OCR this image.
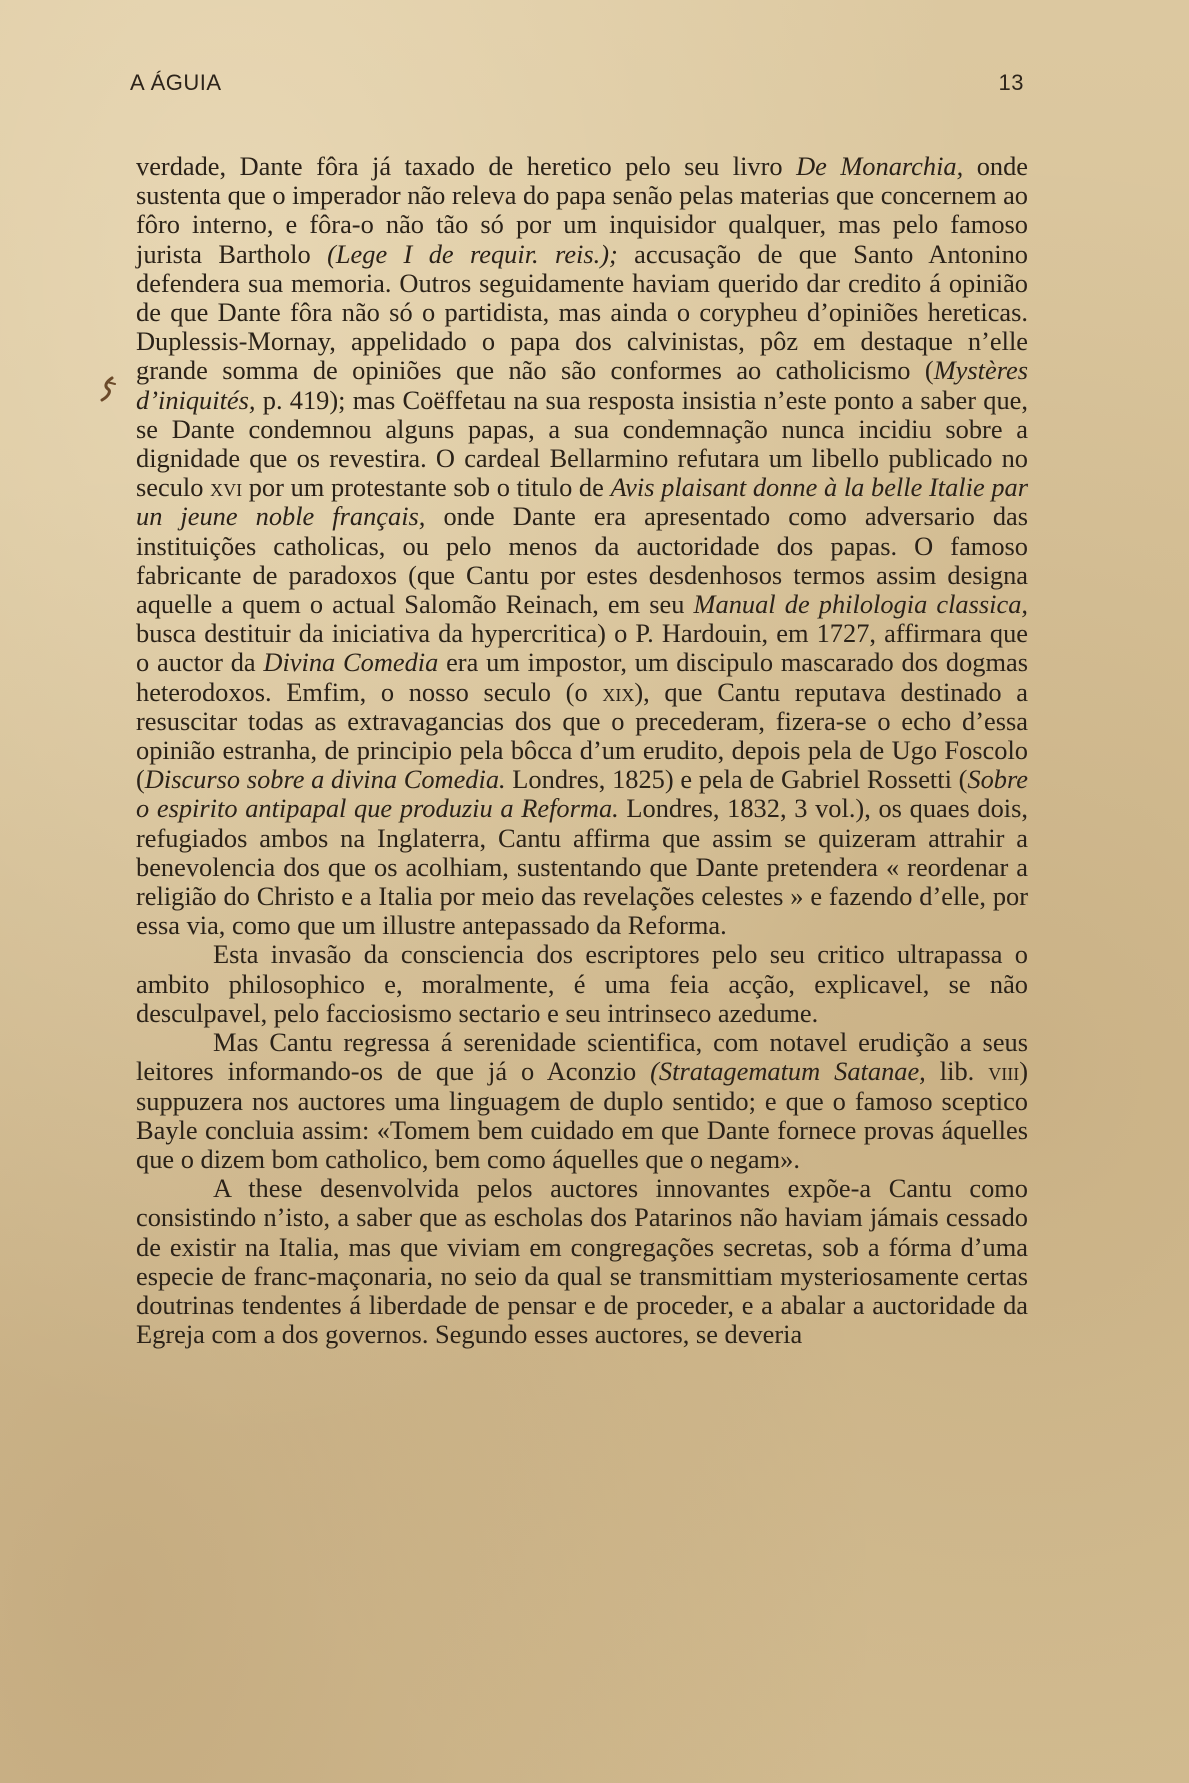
A ÁGUIA	13

verdade, Dante fôra já taxado de heretico pelo seu livro De Monarchia, onde sustenta que o imperador não releva do papa senão pelas materias que concernem ao fôro interno, e fôra-o não tão só por um inquisidor qualquer, mas pelo famoso jurista Bartholo (Lege I de requir. reis.); accusação de que Santo Antonino defendera sua memoria. Outros seguidamente haviam querido dar credito á opinião de que Dante fôra não só o partidista, mas ainda o corypheu d’opiniões hereticas. Duplessis-Mornay, appelidado o papa dos calvinistas, pôz em destaque n’elle grande somma de opiniões que não são conformes ao catholicismo (Mystères d’iniquités, p. 419); mas Coëffetau na sua resposta insistia n’este ponto a saber que, se Dante condemnou alguns papas, a sua condemnação nunca incidiu sobre a dignidade que os revestira. O cardeal Bellarmino refutara um libello publicado no seculo xvi por um protestante sob o titulo de Avis plaisant donne à la belle Italie par un jeune noble français, onde Dante era apresentado como adversario das instituições catholicas, ou pelo menos da auctoridade dos papas. O famoso fabricante de paradoxos (que Cantu por estes desdenhosos termos assim designa aquelle a quem o actual Salomão Reinach, em seu Manual de philologia classica, busca destituir da iniciativa da hypercritica) o P. Hardouin, em 1727, affirmara que o auctor da Divina Comedia era um impostor, um discipulo mascarado dos dogmas heterodoxos. Emfim, o nosso seculo (o xix), que Cantu reputava destinado a resuscitar todas as extravagancias dos que o precederam, fizera-se o echo d’essa opinião estranha, de principio pela bôcca d’um erudito, depois pela de Ugo Foscolo (Discurso sobre a divina Comedia. Londres, 1825) e pela de Gabriel Rossetti (Sobre o espirito antipapal que produziu a Reforma. Londres, 1832, 3 vol.), os quaes dois, refugiados ambos na Inglaterra, Cantu affirma que assim se quizeram attrahir a benevolencia dos que os acolhiam, sustentando que Dante pretendera « reordenar a religião do Christo e a Italia por meio das revelações celestes » e fazendo d’elle, por essa via, como que um illustre antepassado da Reforma.

Esta invasão da consciencia dos escriptores pelo seu critico ultrapassa o ambito philosophico e, moralmente, é uma feia acção, explicavel, se não desculpavel, pelo facciosismo sectario e seu intrinseco azedume.

Mas Cantu regressa á serenidade scientifica, com notavel erudição a seus leitores informando-os de que já o Aconzio (Stratagematum Satanae, lib. viii) suppuzera nos auctores uma linguagem de duplo sentido; e que o famoso sceptico Bayle concluia assim: «Tomem bem cuidado em que Dante fornece provas áquelles que o dizem bom catholico, bem como áquelles que o negam».

A these desenvolvida pelos auctores innovantes expõe-a Cantu como consistindo n’isto, a saber que as escholas dos Patarinos não haviam jámais cessado de existir na Italia, mas que viviam em congregações secretas, sob a fórma d’uma especie de franc-maçonaria, no seio da qual se transmittiam mysteriosamente certas doutrinas tendentes á liberdade de pensar e de proceder, e a abalar a auctoridade da Egreja com a dos governos. Segundo esses auctores, se deveria
